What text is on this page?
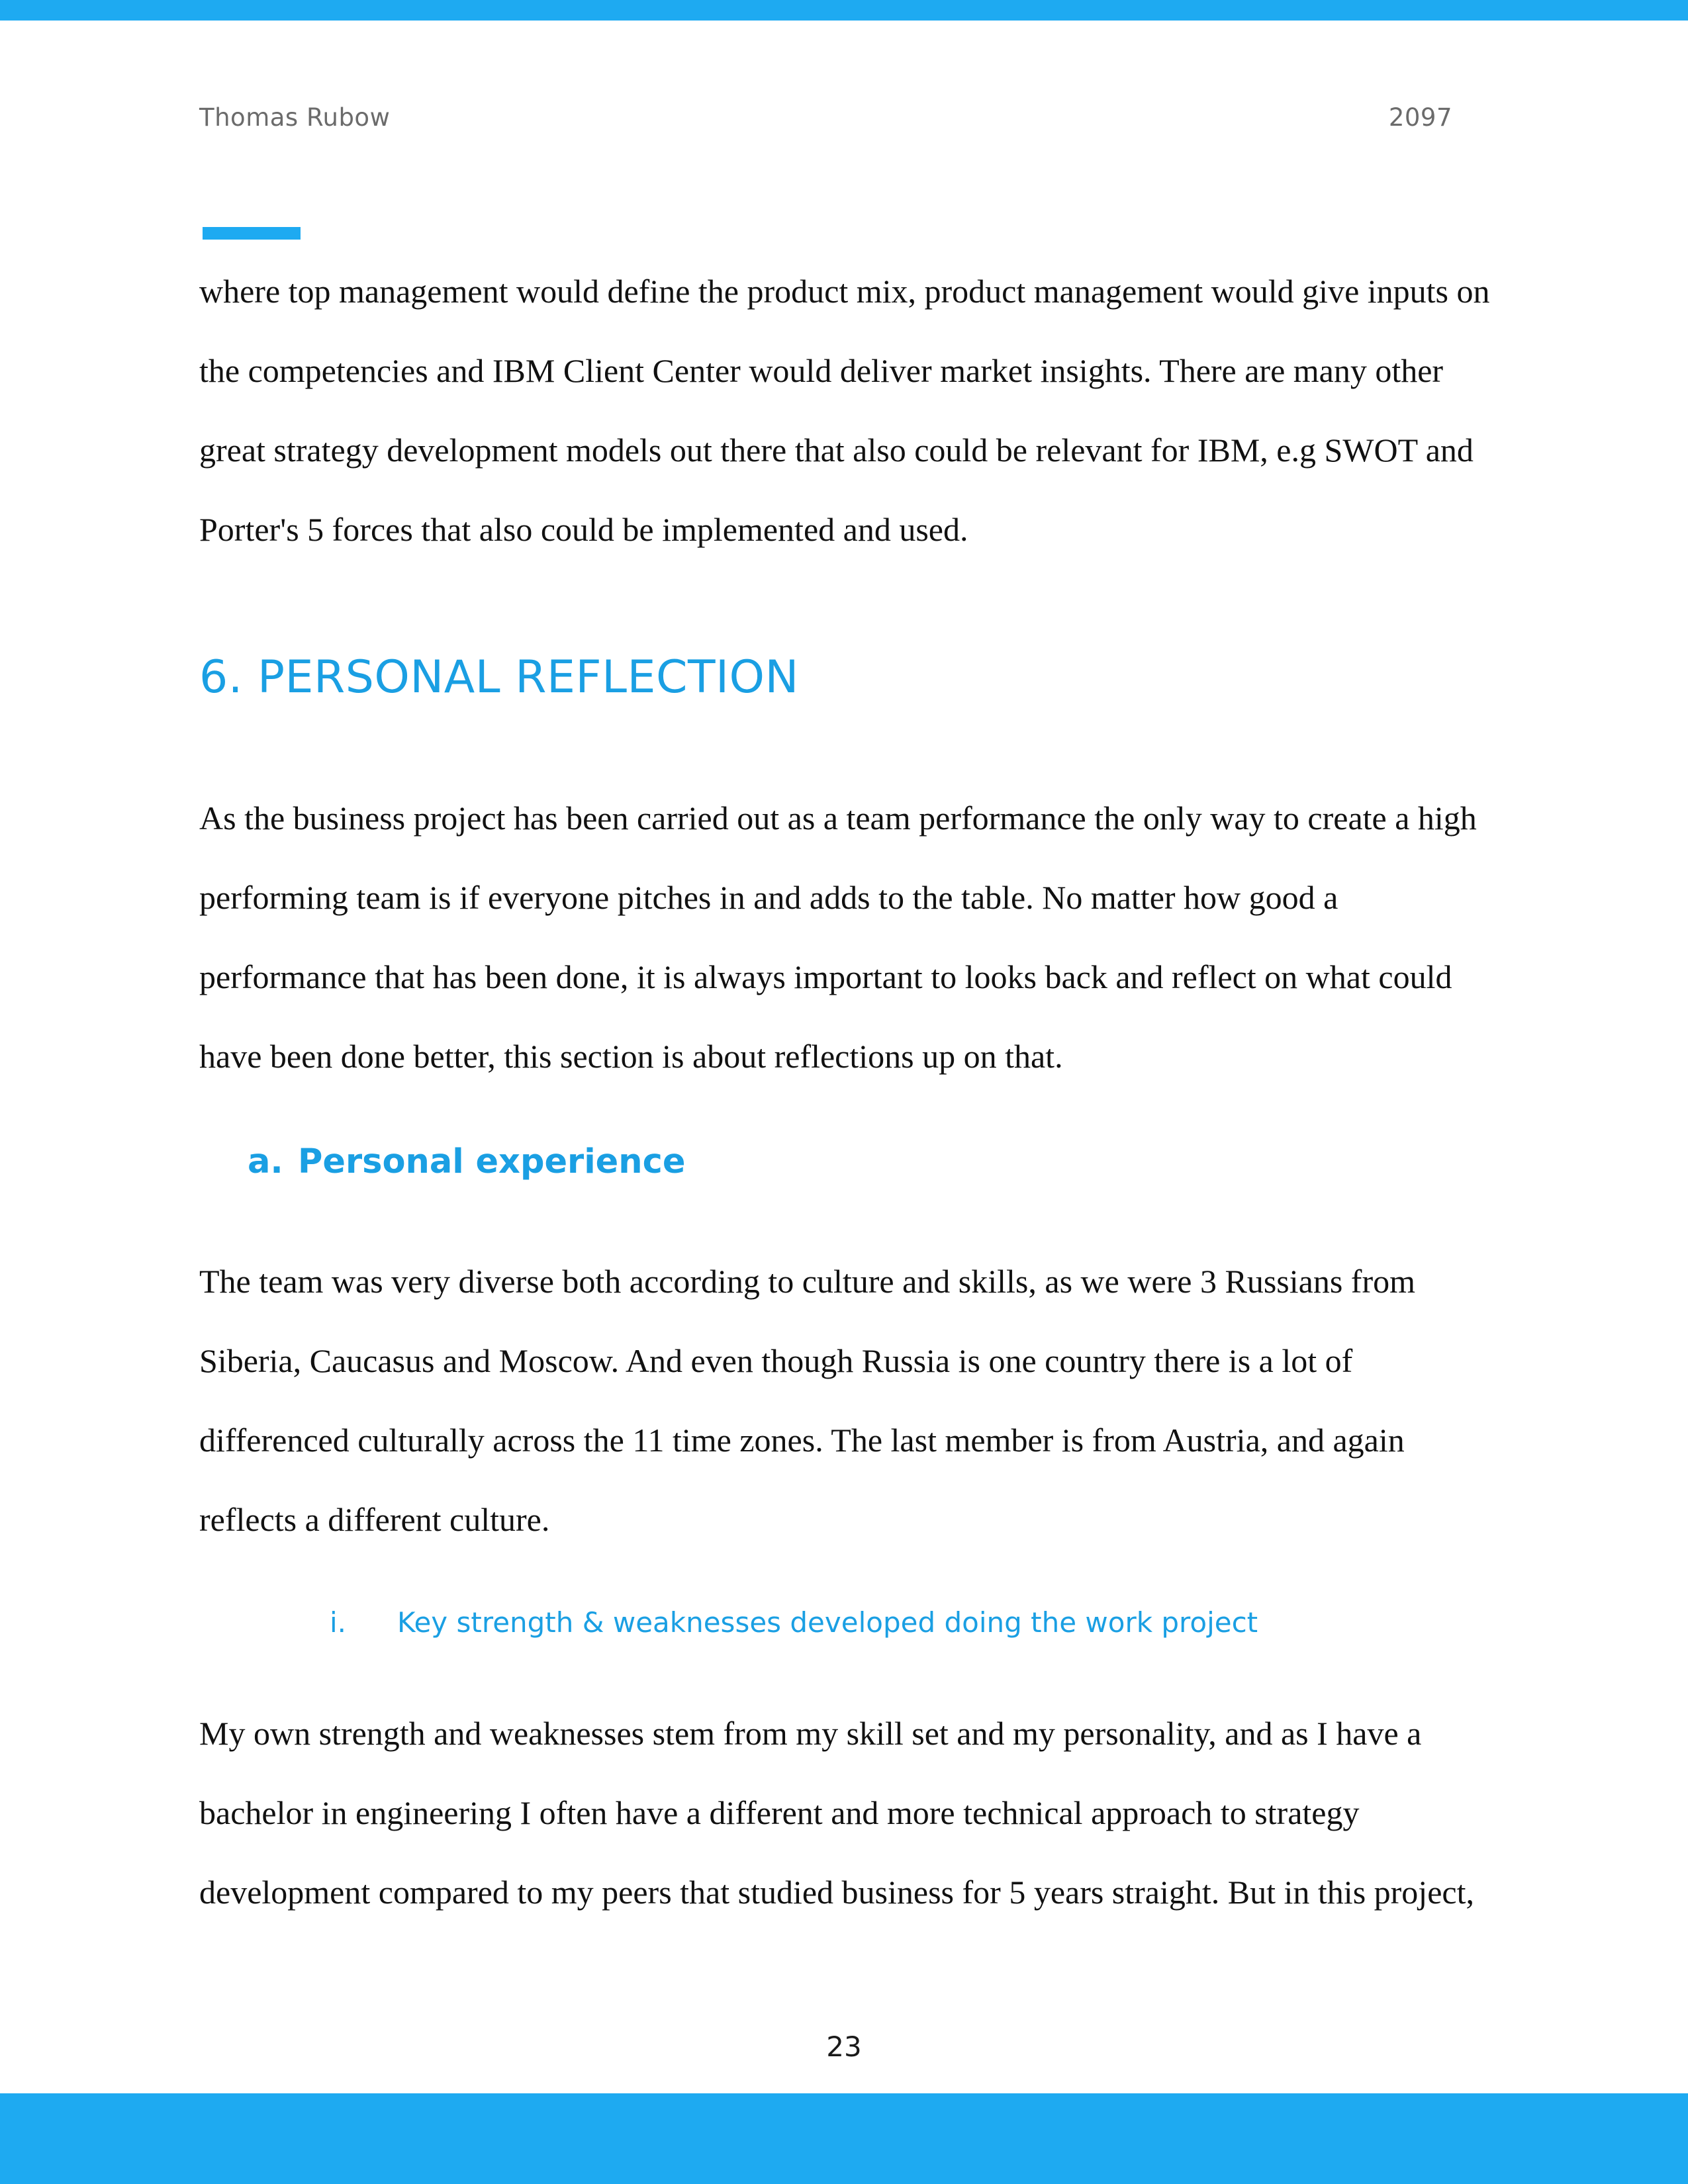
Thomas Rubow	2097

where top management would define the product mix, product management would give inputs on
the competencies and IBM Client Center would deliver market insights. There are many other
great strategy development models out there that also could be relevant for IBM, e.g SWOT and
Porter's 5 forces that also could be implemented and used.

6. PERSONAL REFLECTION

As the business project has been carried out as a team performance the only way to create a high
performing team is if everyone pitches in and adds to the table. No matter how good a
performance that has been done, it is always important to looks back and reflect on what could
have been done better, this section is about reflections up on that.

a. Personal experience

The team was very diverse both according to culture and skills, as we were 3 Russians from
Siberia, Caucasus and Moscow. And even though Russia is one country there is a lot of
differenced culturally across the 11 time zones. The last member is from Austria, and again
reflects a different culture.

i. Key strength & weaknesses developed doing the work project

My own strength and weaknesses stem from my skill set and my personality, and as I have a
bachelor in engineering I often have a different and more technical approach to strategy
development compared to my peers that studied business for 5 years straight. But in this project,

23
